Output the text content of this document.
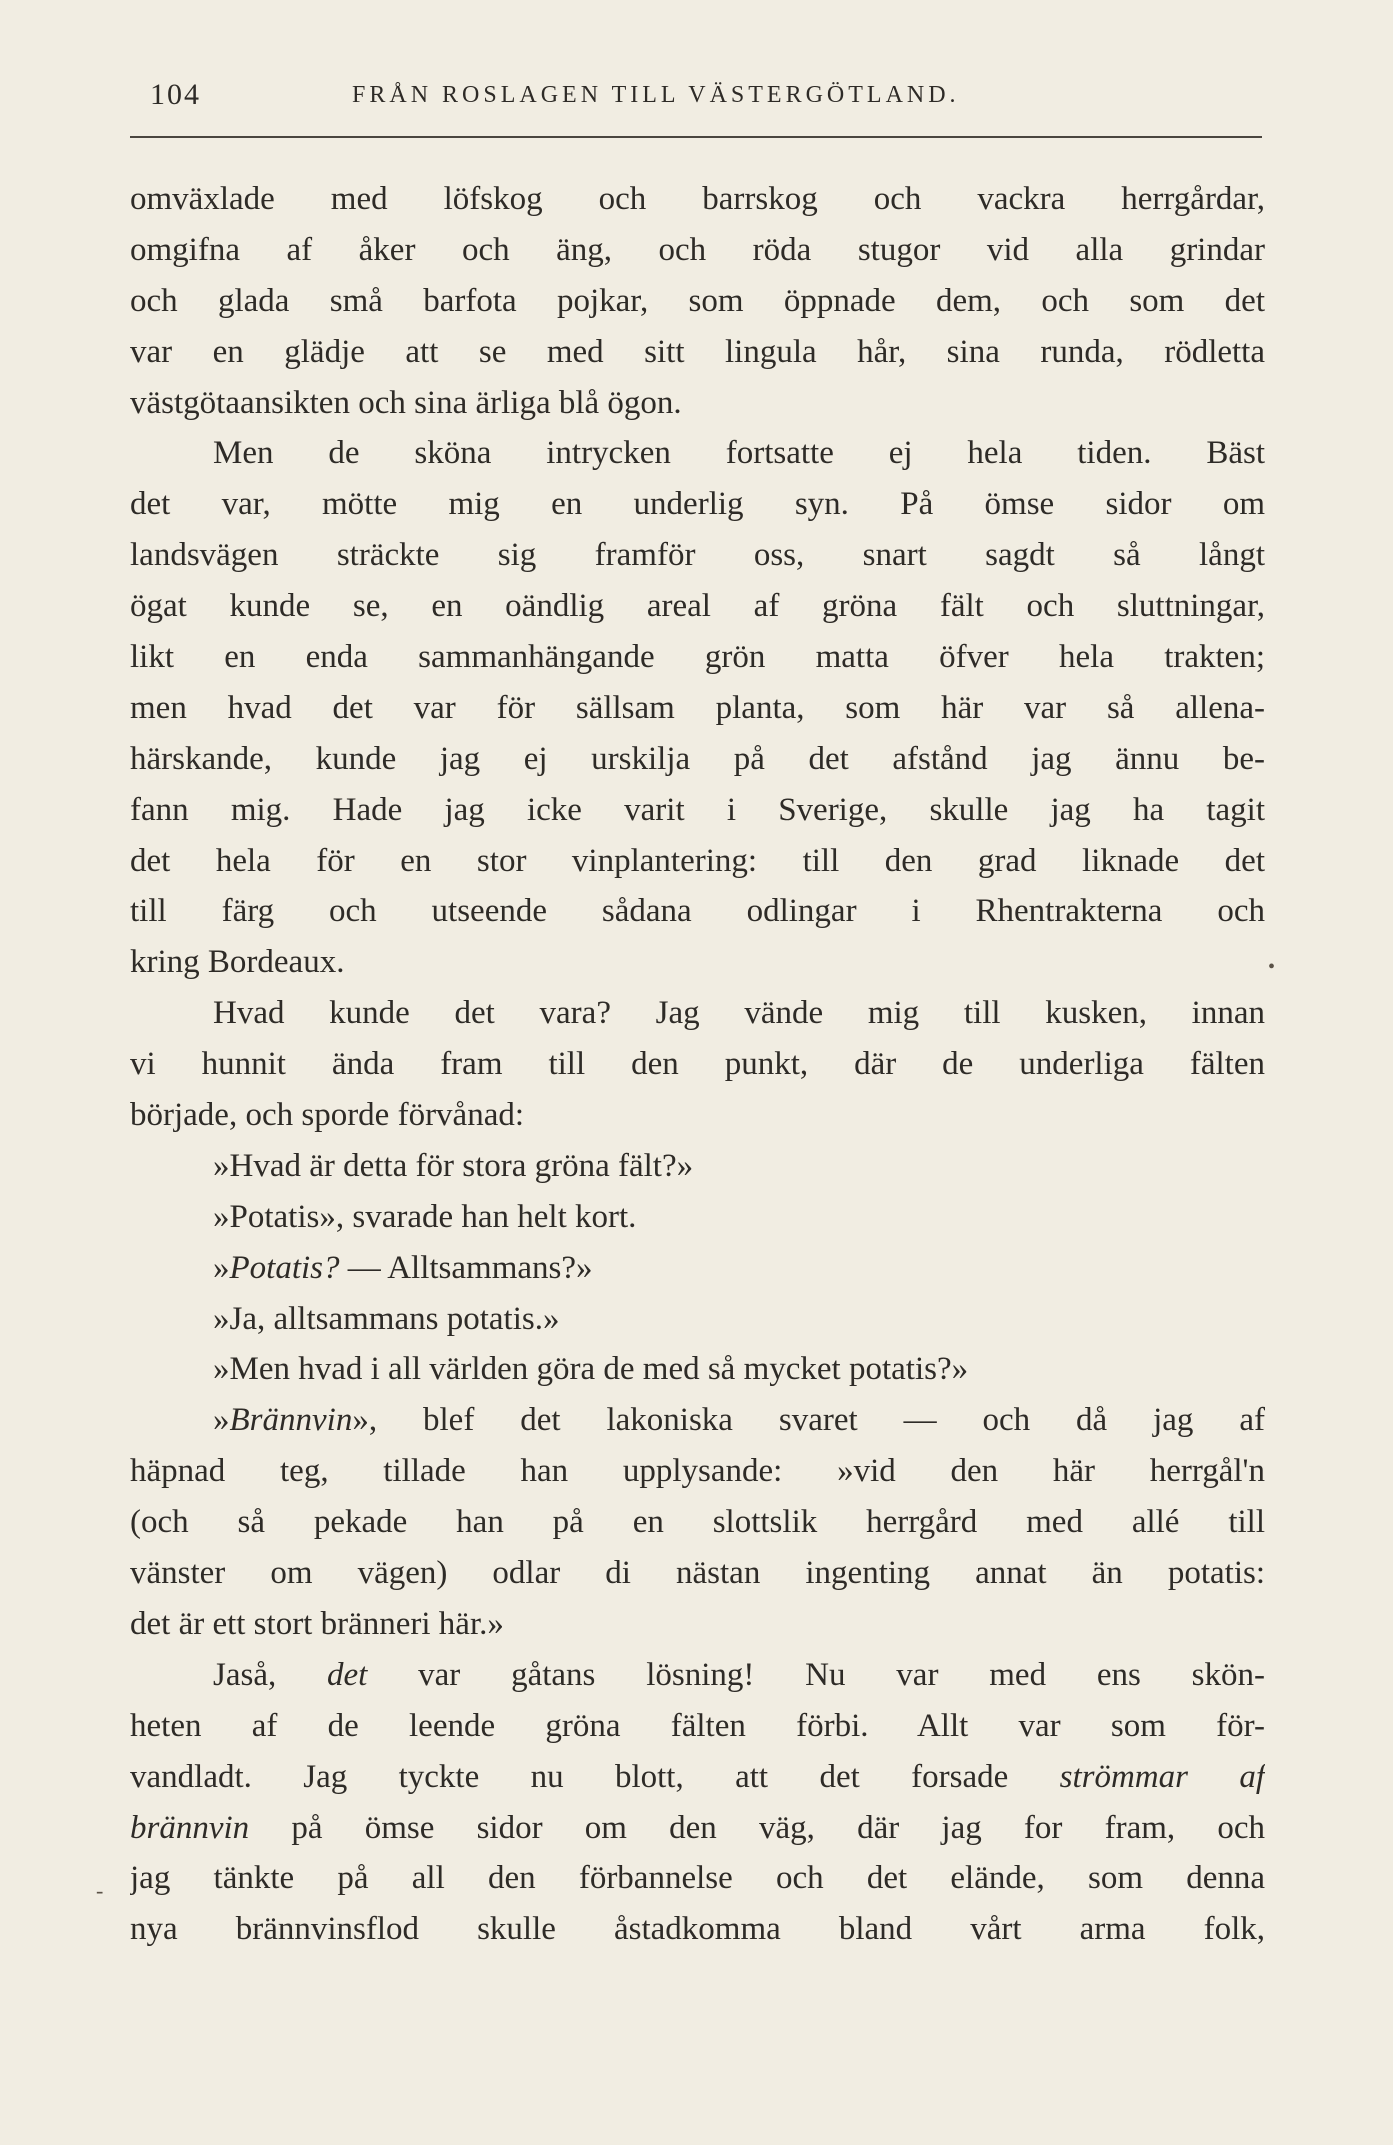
104	FRÅN ROSLAGEN TILL VÄSTERGÖTLAND.
omväxlade med löfskog och barrskog och vackra herrgårdar,
omgifna af åker och äng, och röda stugor vid alla grindar
och glada små barfota pojkar, som öppnade dem, och som det
var en glädje att se med sitt lingula hår, sina runda, rödletta
västgötaansikten och sina ärliga blå ögon.
Men de sköna intrycken fortsatte ej hela tiden. Bäst
det var, mötte mig en underlig syn. På ömse sidor om
landsvägen sträckte sig framför oss, snart sagdt så långt
ögat kunde se, en oändlig areal af gröna fält och sluttningar,
likt en enda sammanhängande grön matta öfver hela trakten;
men hvad det var för sällsam planta, som här var så allena-
härskande, kunde jag ej urskilja på det afstånd jag ännu be-
fann mig. Hade jag icke varit i Sverige, skulle jag ha tagit
det hela för en stor vinplantering: till den grad liknade det
till färg och utseende sådana odlingar i Rhentrakterna och
kring Bordeaux.
Hvad kunde det vara? Jag vände mig till kusken, innan
vi hunnit ända fram till den punkt, där de underliga fälten
började, och sporde förvånad:
»Hvad är detta för stora gröna fält?»
»Potatis», svarade han helt kort.
»Potatis? — Alltsammans?»
»Ja, alltsammans potatis.»
»Men hvad i all världen göra de med så mycket potatis?»
»Brännvin», blef det lakoniska svaret — och då jag af
häpnad teg, tillade han upplysande: »vid den här herrgål'n
(och så pekade han på en slottslik herrgård med allé till
vänster om vägen) odlar di nästan ingenting annat än potatis:
det är ett stort bränneri här.»
Jaså, det var gåtans lösning! Nu var med ens skön-
heten af de leende gröna fälten förbi. Allt var som för-
vandladt. Jag tyckte nu blott, att det forsade strömmar af
brännvin på ömse sidor om den väg, där jag for fram, och
jag tänkte på all den förbannelse och det elände, som denna
nya brännvinsflod skulle åstadkomma bland vårt arma folk,
•
‐
